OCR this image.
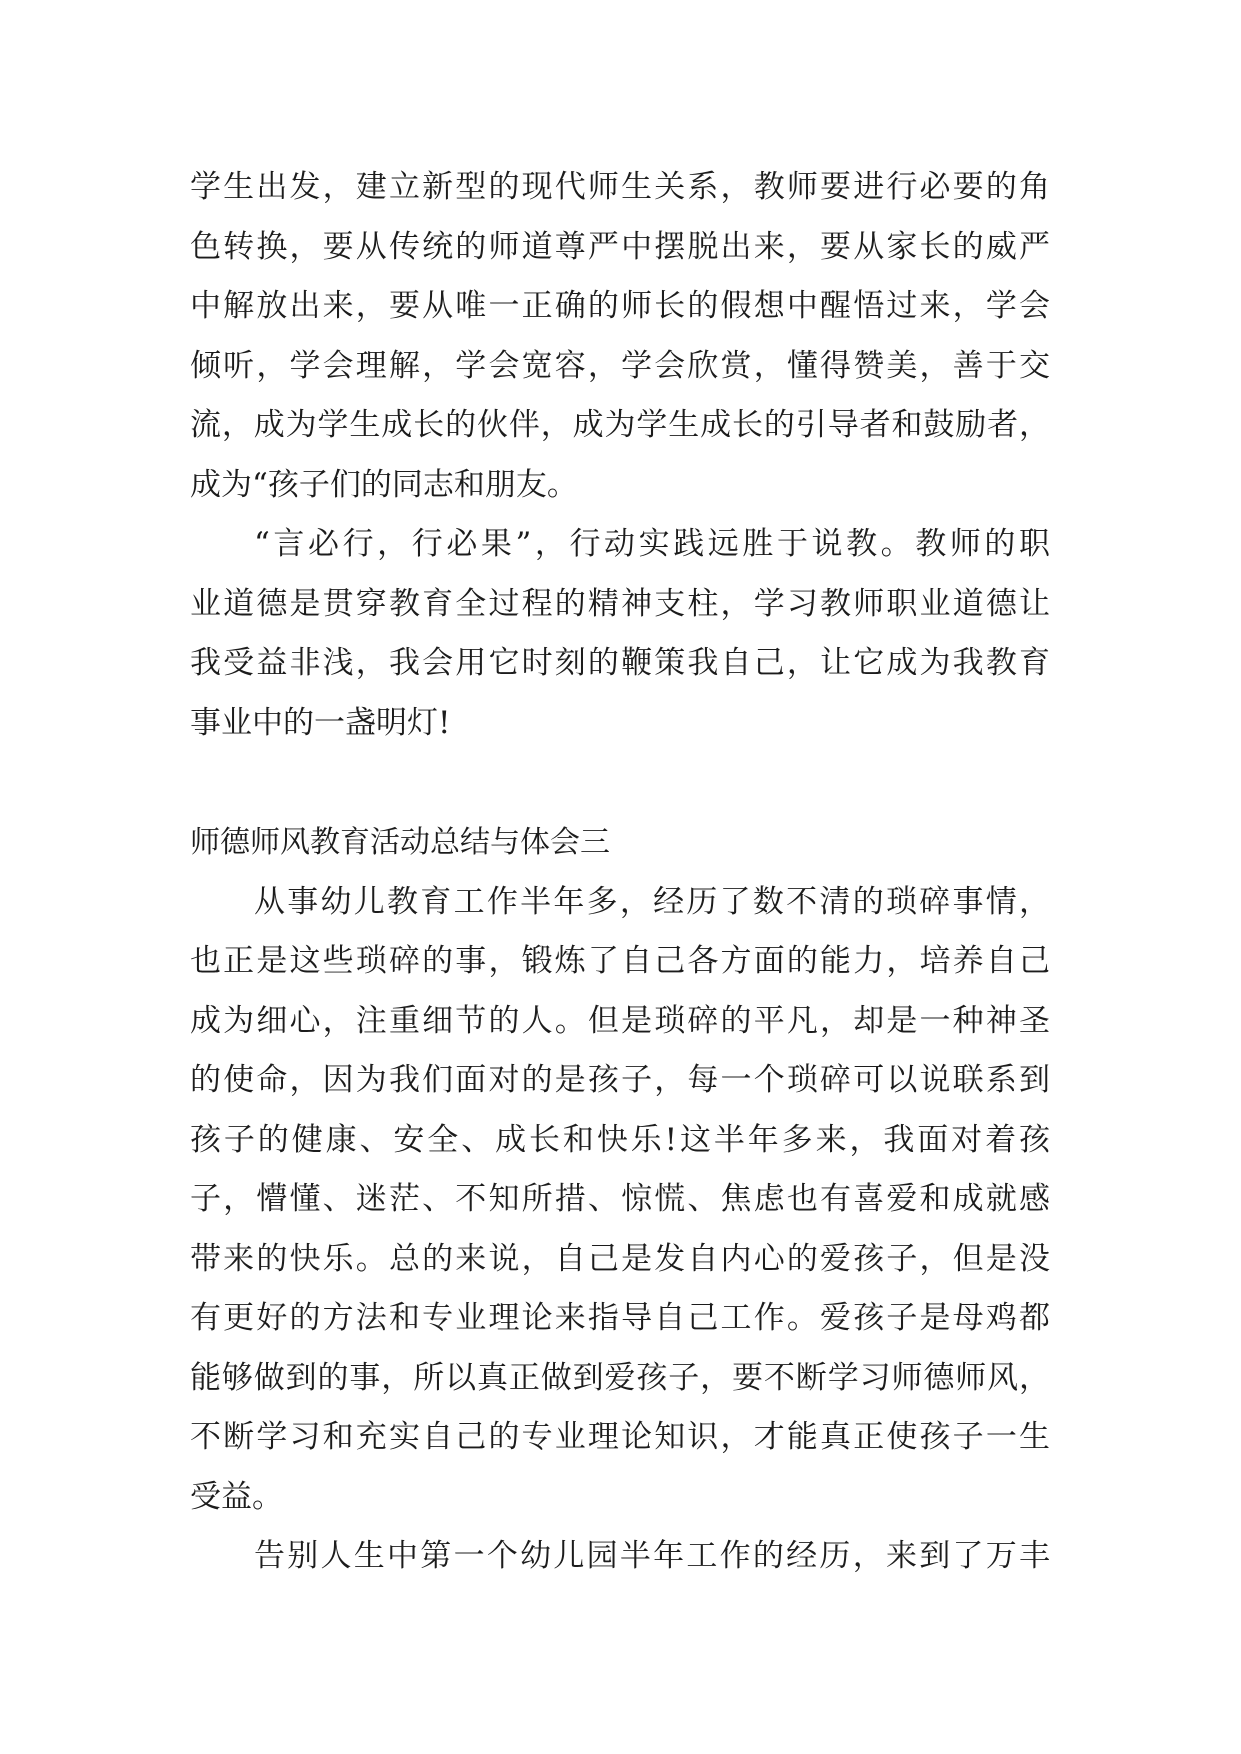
学生出发，建立新型的现代师生关系，教师要进行必要的角
色转换，要从传统的师道尊严中摆脱出来，要从家长的威严
中解放出来，要从唯一正确的师长的假想中醒悟过来，学会
倾听，学会理解，学会宽容，学会欣赏，懂得赞美，善于交
流，成为学生成长的伙伴，成为学生成长的引导者和鼓励者，
成为“孩子们的同志和朋友。
“言必行，行必果”，行动实践远胜于说教。教师的职
业道德是贯穿教育全过程的精神支柱，学习教师职业道德让
我受益非浅，我会用它时刻的鞭策我自己，让它成为我教育
事业中的一盏明灯!
师德师风教育活动总结与体会三
从事幼儿教育工作半年多，经历了数不清的琐碎事情，
也正是这些琐碎的事，锻炼了自己各方面的能力，培养自己
成为细心，注重细节的人。但是琐碎的平凡，却是一种神圣
的使命，因为我们面对的是孩子，每一个琐碎可以说联系到
孩子的健康、安全、成长和快乐!这半年多来，我面对着孩
子，懵懂、迷茫、不知所措、惊慌、焦虑也有喜爱和成就感
带来的快乐。总的来说，自己是发自内心的爱孩子，但是没
有更好的方法和专业理论来指导自己工作。爱孩子是母鸡都
能够做到的事，所以真正做到爱孩子，要不断学习师德师风，
不断学习和充实自己的专业理论知识，才能真正使孩子一生
受益。
告别人生中第一个幼儿园半年工作的经历，来到了万丰
